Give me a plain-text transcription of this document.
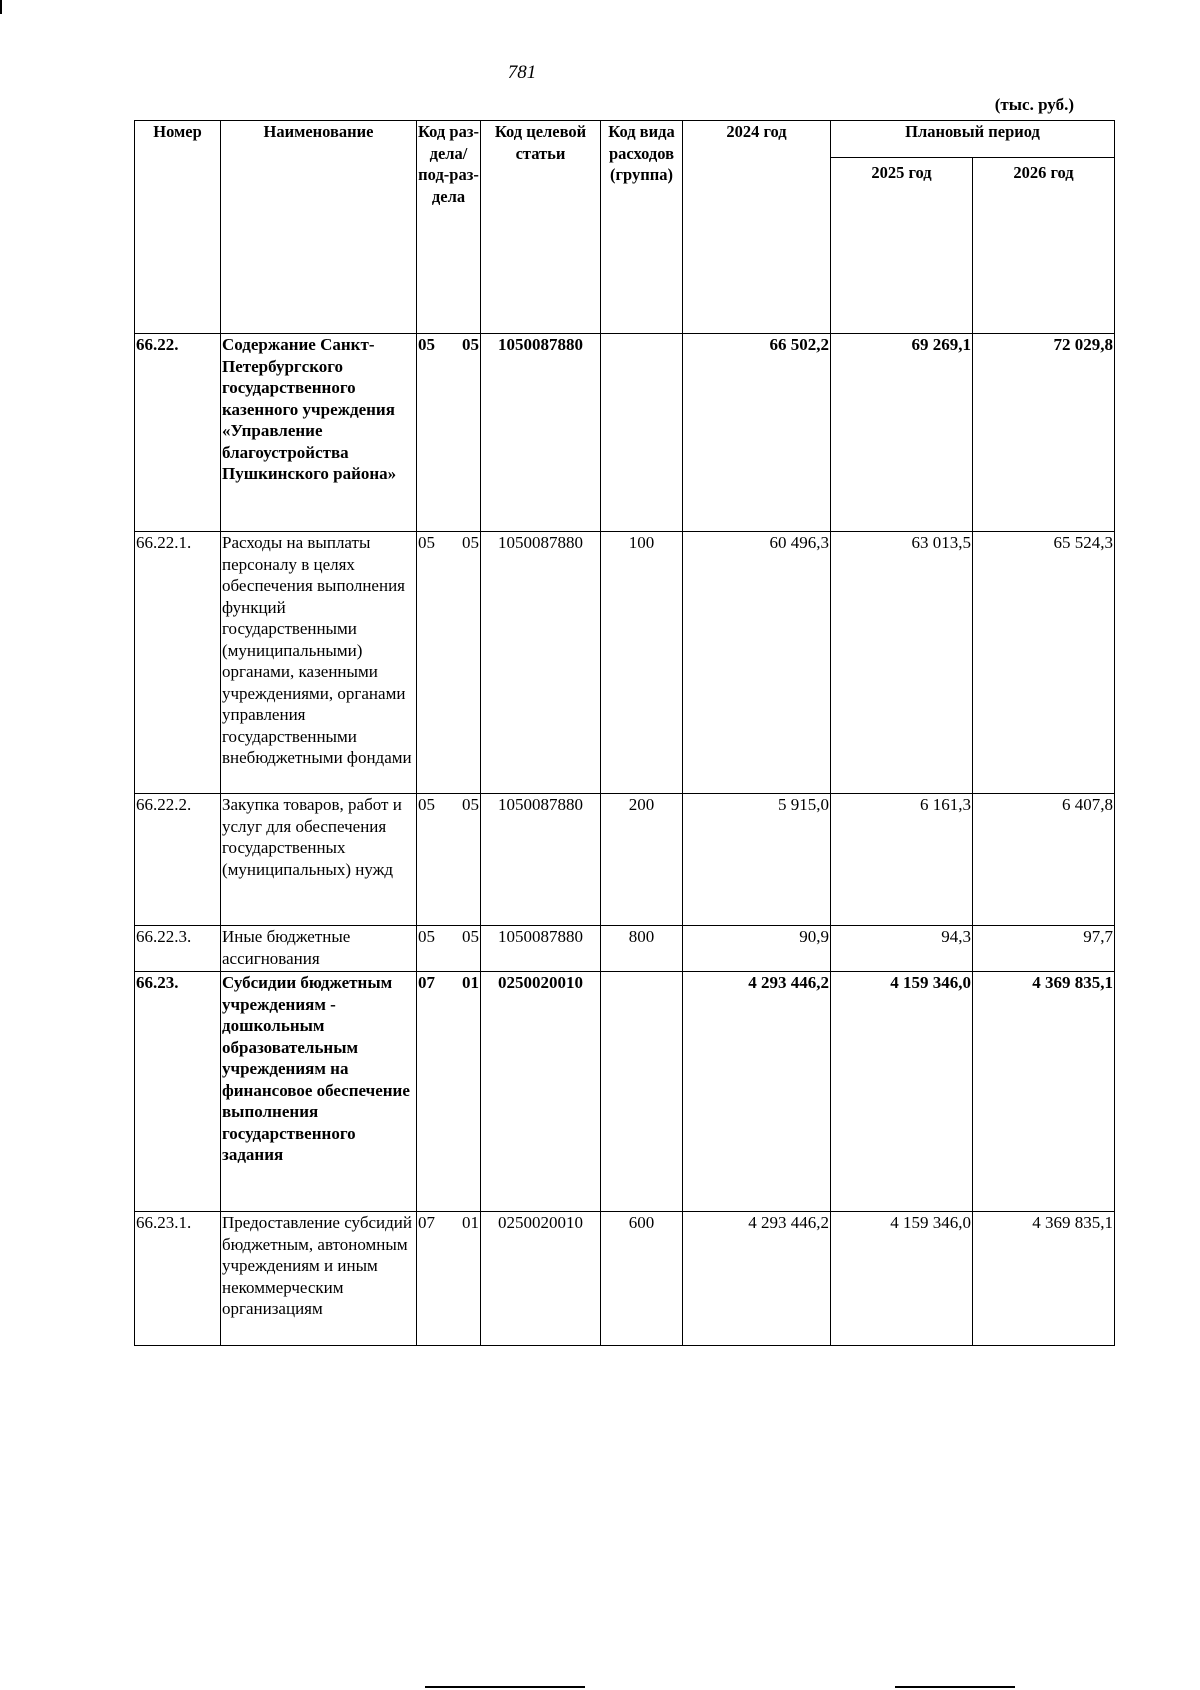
781
(тыс. руб.)
Номер	Наименование	Код раз-дела/ под-раз-дела	Код целевой статьи	Код вида расходов (группа)	2024 год	Плановый период	
						2025 год	2026 год
66.22.	Содержание Санкт-Петербургского государственного казенного учреждения «Управление благоустройства Пушкинского района»	05 05	1050087880		66 502,2	69 269,1	72 029,8
66.22.1.	Расходы на выплаты персоналу в целях обеспечения выполнения функций государственными (муниципальными) органами, казенными учреждениями, органами управления государственными внебюджетными фондами	05 05	1050087880	100	60 496,3	63 013,5	65 524,3
66.22.2.	Закупка товаров, работ и услуг для обеспечения государственных (муниципальных) нужд	05 05	1050087880	200	5 915,0	6 161,3	6 407,8
66.22.3.	Иные бюджетные ассигнования	05 05	1050087880	800	90,9	94,3	97,7
66.23.	Субсидии бюджетным учреждениям - дошкольным образовательным учреждениям на финансовое обеспечение выполнения государственного задания	07 01	0250020010		4 293 446,2	4 159 346,0	4 369 835,1
66.23.1.	Предоставление субсидий бюджетным, автономным учреждениям и иным некоммерческим организациям	07 01	0250020010	600	4 293 446,2	4 159 346,0	4 369 835,1
